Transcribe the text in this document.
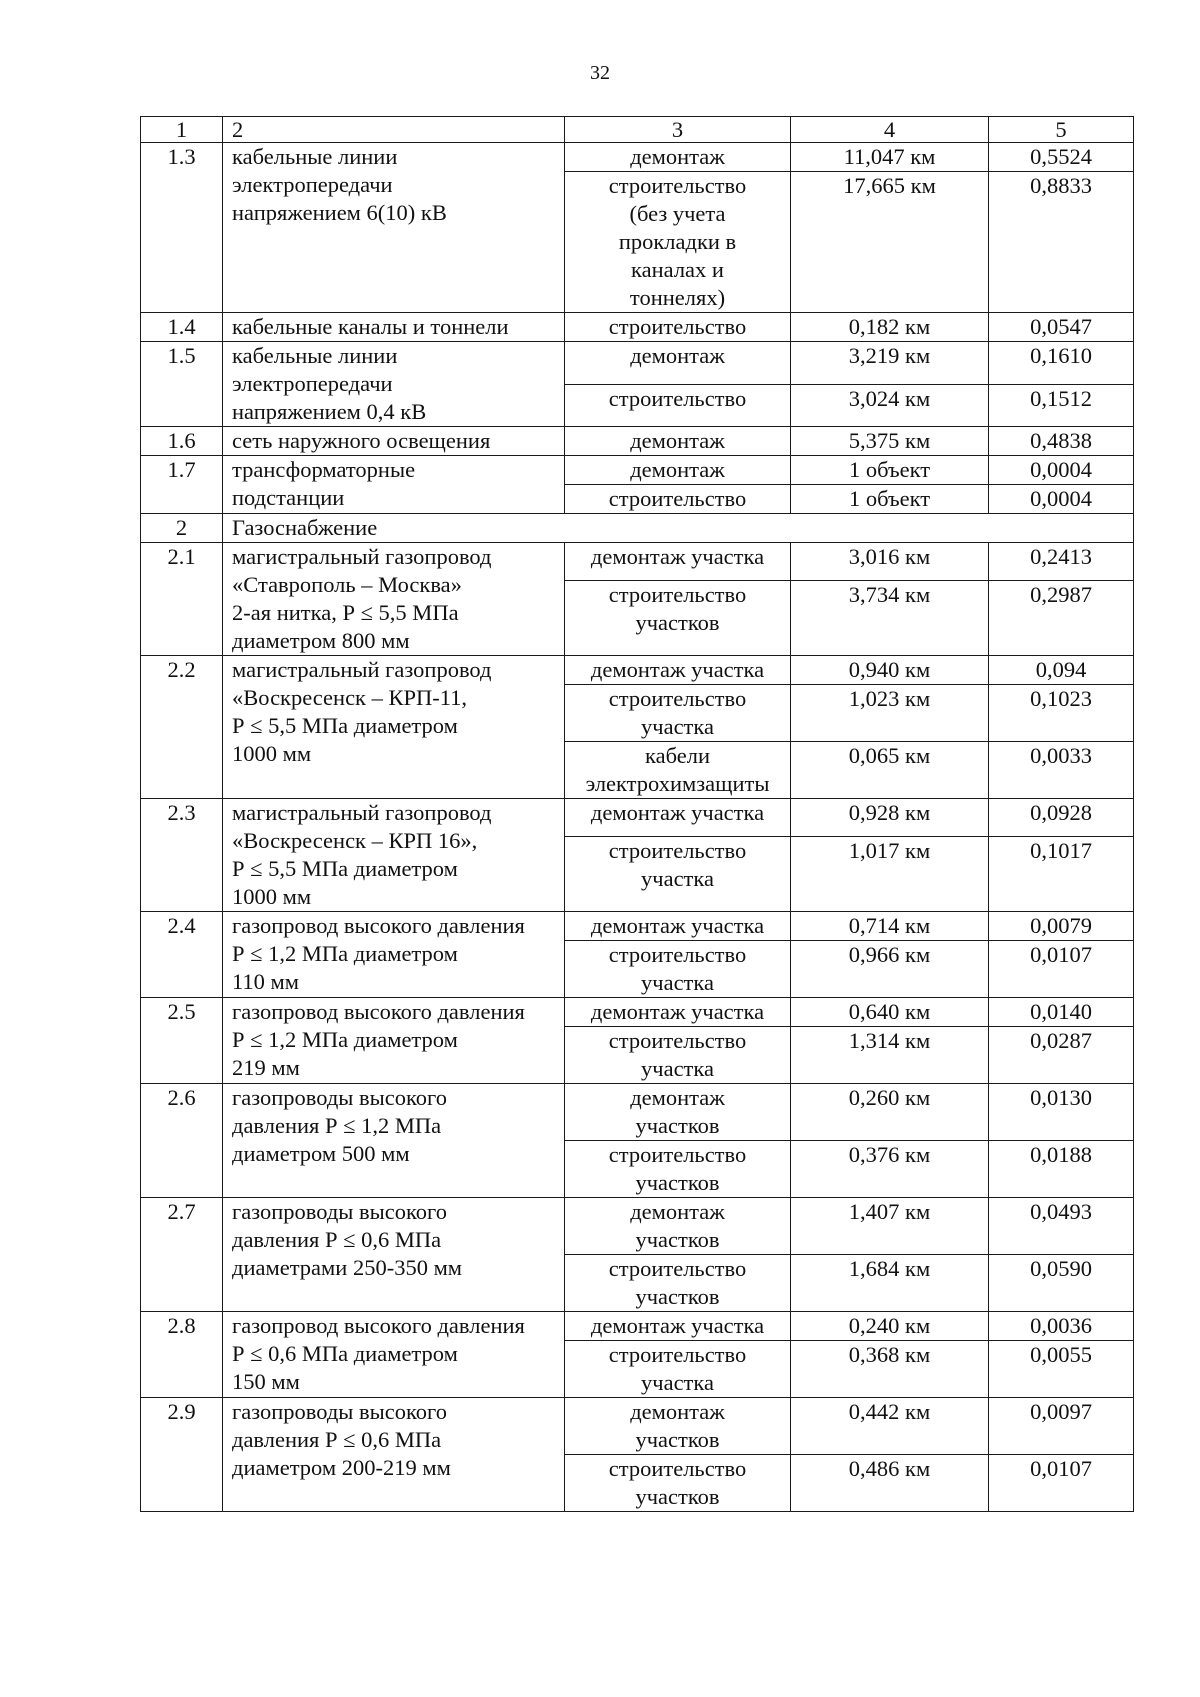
32
1	2	3	4	5
1.3	кабельные линии
электропередачи
напряжением 6(10) кВ	демонтаж	11,047 км	0,5524

		строительство
(без учета
прокладки в
каналах и
тоннелях)	17,665 км	0,8833
1.4	кабельные каналы и тоннели	строительство	0,182 км	0,0547
1.5	кабельные линии
электропередачи
напряжением 0,4 кВ	демонтаж	3,219 км	0,1610
		строительство	3,024 км	0,1512
1.6	сеть наружного освещения	демонтаж	5,375 км	0,4838
1.7	трансформаторные
подстанции	демонтаж	1 объект	0,0004
		строительство	1 объект	0,0004
2	Газоснабжение			
2.1	магистральный газопровод
«Ставрополь – Москва»
2-ая нитка, Р ≤ 5,5 МПа
диаметром 800 мм	демонтаж участка	3,016 км	0,2413

		строительство
участков	3,734 км	0,2987
2.2	магистральный газопровод
«Воскресенск – КРП-11,
Р ≤ 5,5 МПа диаметром
1000 мм	демонтаж участка	0,940 км	0,094

		строительство
участка	1,023 км	0,1023

		кабели
электрохимзащиты	0,065 км	0,0033
2.3	магистральный газопровод
«Воскресенск – КРП 16»,
Р ≤ 5,5 МПа диаметром
1000 мм	демонтаж участка	0,928 км	0,0928

		строительство
участка	1,017 км	0,1017
2.4	газопровод высокого давления
Р ≤ 1,2 МПа диаметром
110 мм	демонтаж участка	0,714 км	0,0079

		строительство
участка	0,966 км	0,0107
2.5	газопровод высокого давления
Р ≤ 1,2 МПа диаметром
219 мм	демонтаж участка	0,640 км	0,0140

		строительство
участка	1,314 км	0,0287
2.6	газопроводы высокого
давления Р ≤ 1,2 МПа
диаметром 500 мм	демонтаж
участков	0,260 км	0,0130

		строительство
участков	0,376 км	0,0188
2.7	газопроводы высокого
давления Р ≤ 0,6 МПа
диаметрами 250-350 мм	демонтаж
участков	1,407 км	0,0493

		строительство
участков	1,684 км	0,0590
2.8	газопровод высокого давления
Р ≤ 0,6 МПа диаметром
150 мм	демонтаж участка	0,240 км	0,0036

		строительство
участка	0,368 км	0,0055
2.9	газопроводы высокого
давления Р ≤ 0,6 МПа
диаметром 200-219 мм	демонтаж
участков	0,442 км	0,0097

		строительство
участков	0,486 км	0,0107
